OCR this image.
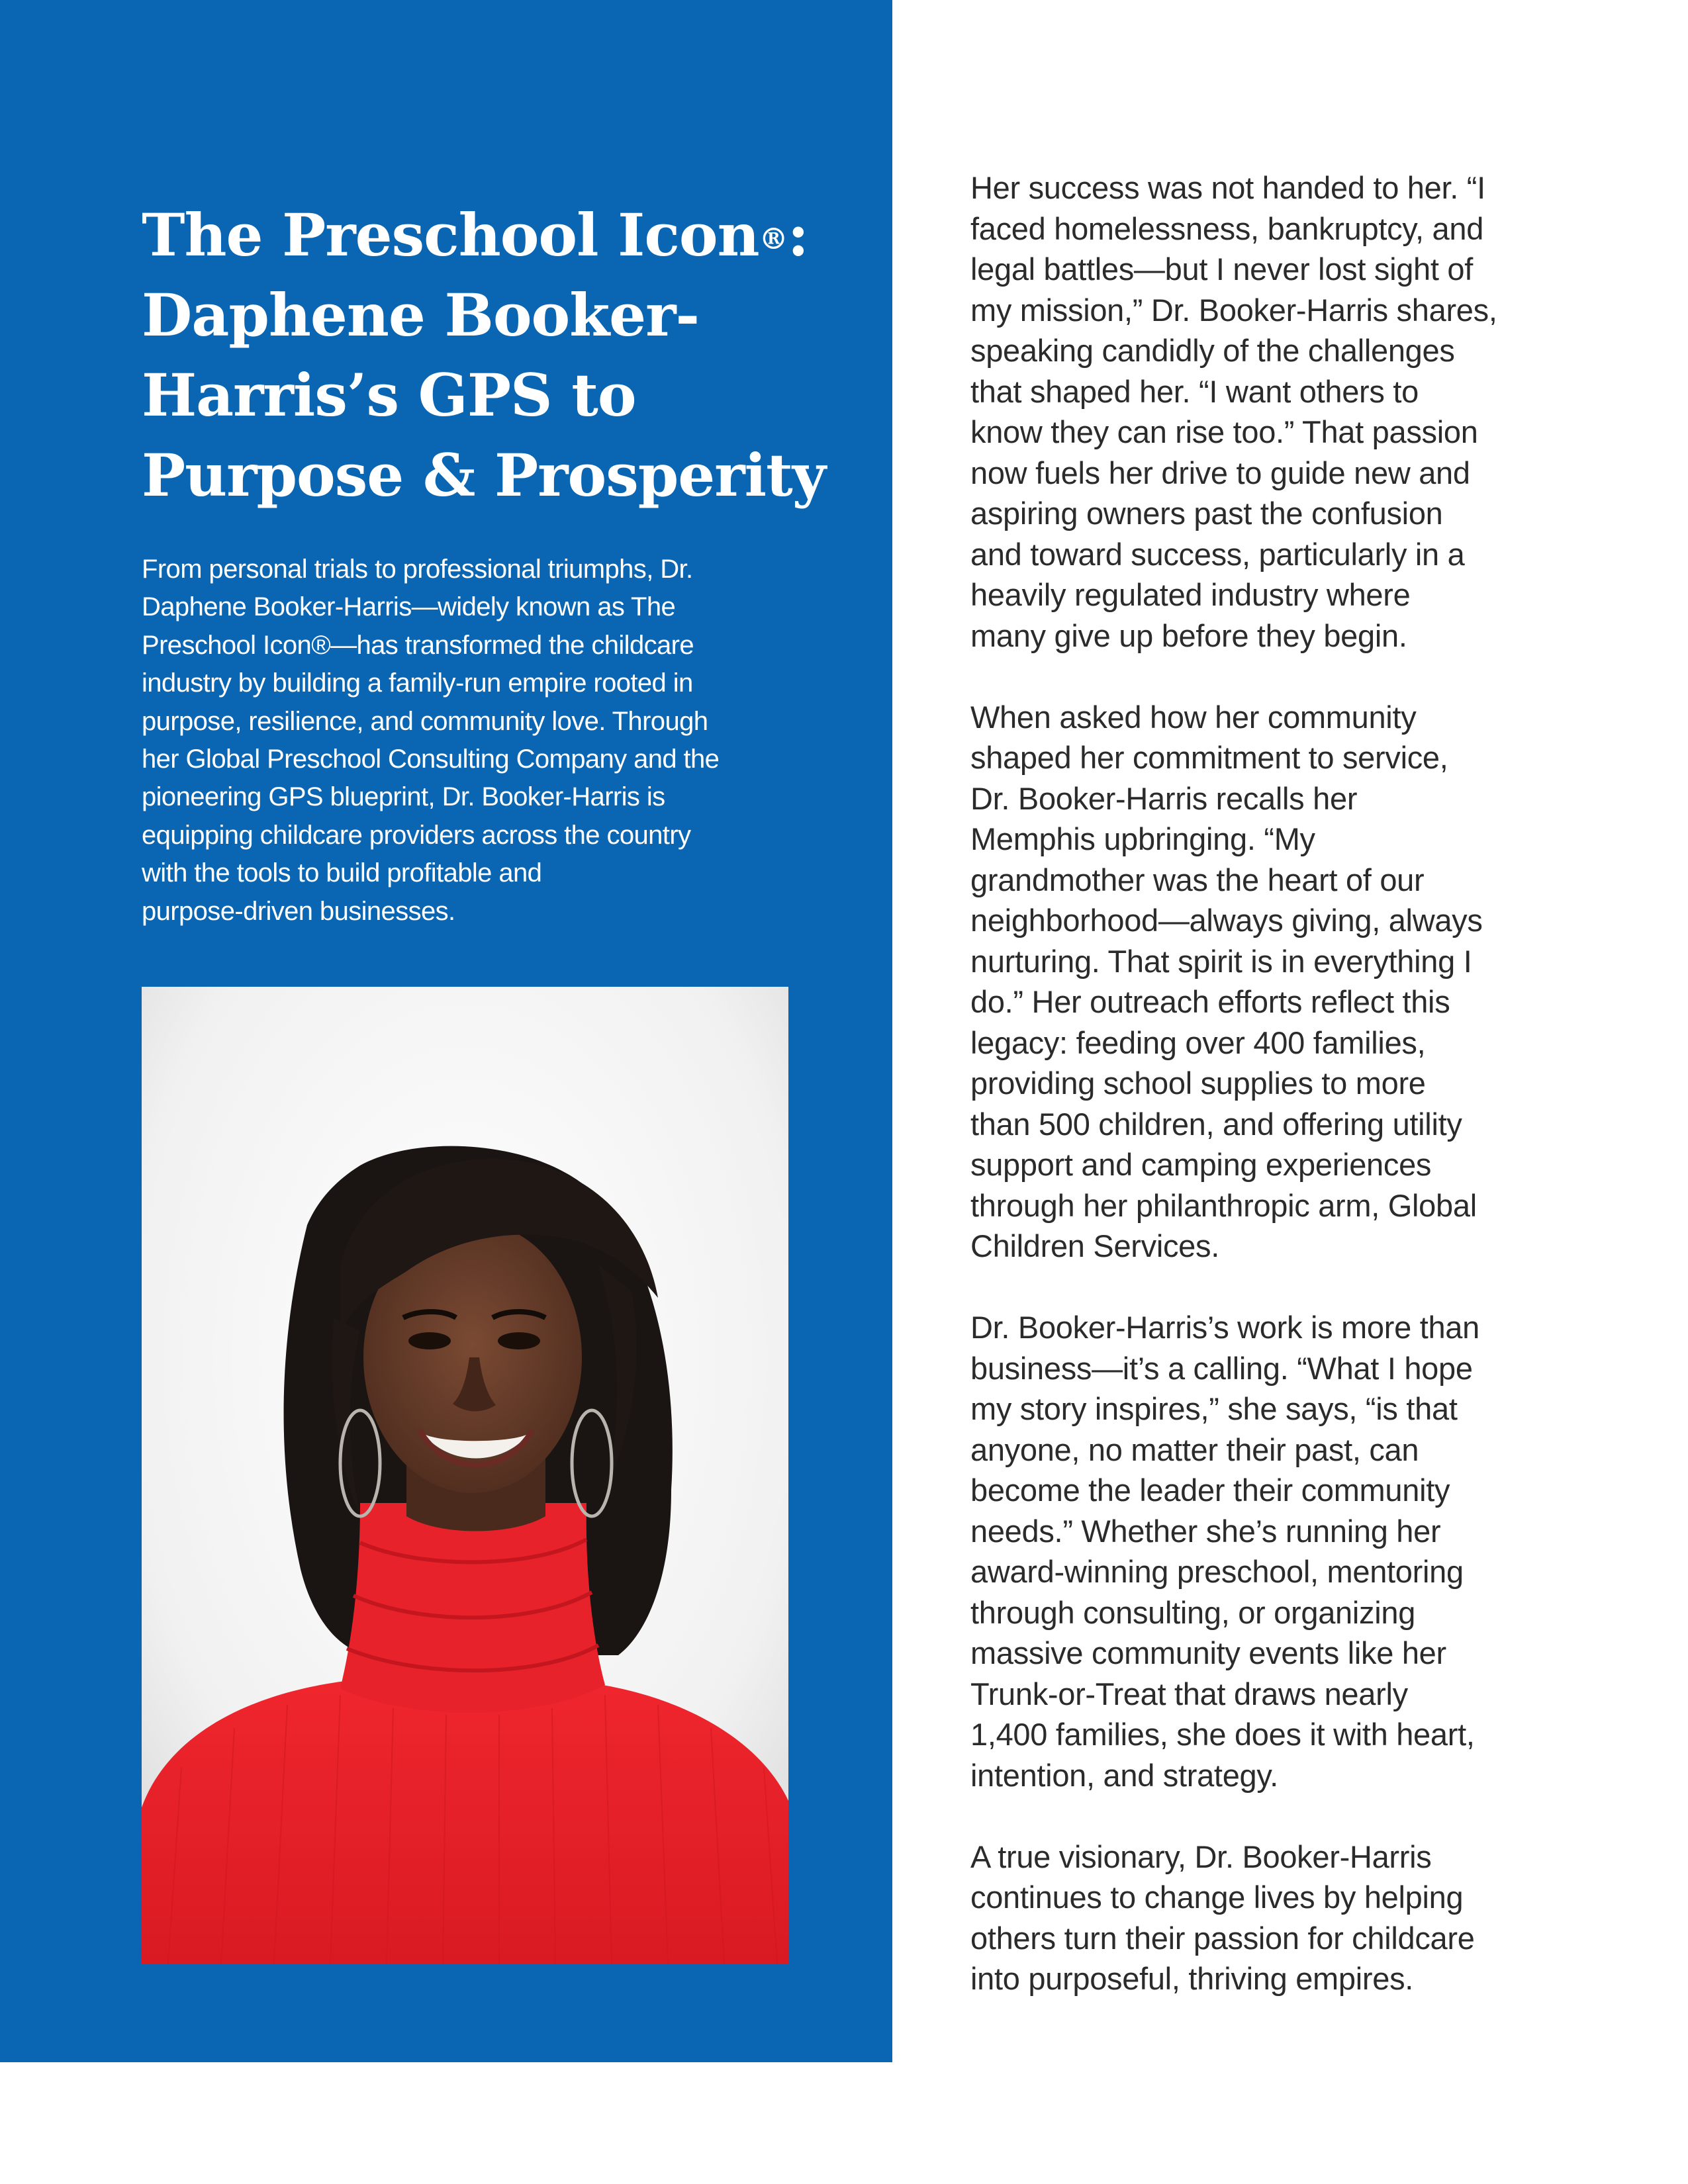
The Preschool Icon®:
Daphene Booker-
Harris’s GPS to
Purpose & Prosperity

From personal trials to professional triumphs, Dr.
Daphene Booker-Harris—widely known as The
Preschool Icon®—has transformed the childcare
industry by building a family-run empire rooted in
purpose, resilience, and community love. Through
her Global Preschool Consulting Company and the
pioneering GPS blueprint, Dr. Booker-Harris is
equipping childcare providers across the country
with the tools to build profitable and
purpose-driven businesses.

Her success was not handed to her. “I
faced homelessness, bankruptcy, and
legal battles—but I never lost sight of
my mission,” Dr. Booker-Harris shares,
speaking candidly of the challenges
that shaped her. “I want others to
know they can rise too.” That passion
now fuels her drive to guide new and
aspiring owners past the confusion
and toward success, particularly in a
heavily regulated industry where
many give up before they begin.

When asked how her community
shaped her commitment to service,
Dr. Booker-Harris recalls her
Memphis upbringing. “My
grandmother was the heart of our
neighborhood—always giving, always
nurturing. That spirit is in everything I
do.” Her outreach efforts reflect this
legacy: feeding over 400 families,
providing school supplies to more
than 500 children, and offering utility
support and camping experiences
through her philanthropic arm, Global
Children Services.

Dr. Booker-Harris’s work is more than
business—it’s a calling. “What I hope
my story inspires,” she says, “is that
anyone, no matter their past, can
become the leader their community
needs.” Whether she’s running her
award-winning preschool, mentoring
through consulting, or organizing
massive community events like her
Trunk-or-Treat that draws nearly
1,400 families, she does it with heart,
intention, and strategy.

A true visionary, Dr. Booker-Harris
continues to change lives by helping
others turn their passion for childcare
into purposeful, thriving empires.
